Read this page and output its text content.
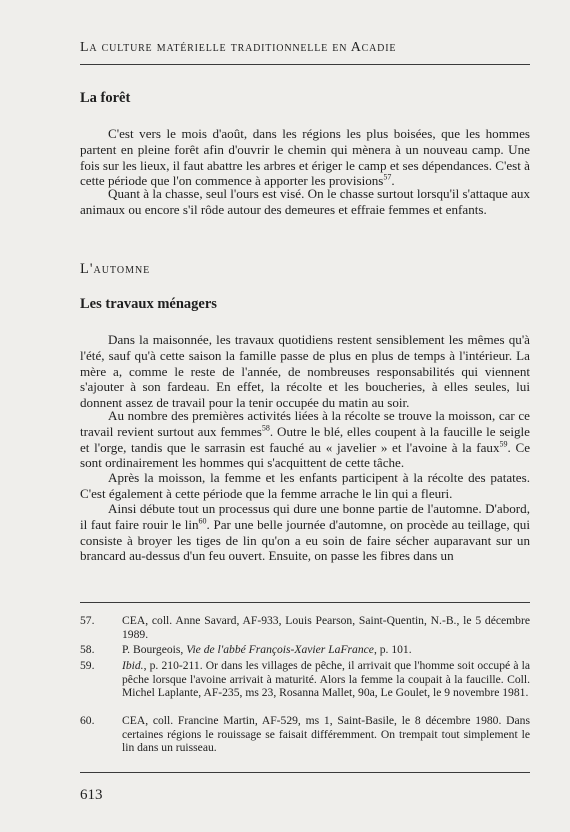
La culture matérielle traditionnelle en Acadie
La forêt

C'est vers le mois d'août, dans les régions les plus boisées, que les hommes partent en pleine forêt afin d'ouvrir le chemin qui mènera à un nouveau camp. Une fois sur les lieux, il faut abattre les arbres et ériger le camp et ses dépendances. C'est à cette période que l'on commence à apporter les provisions$^{57}$.

Quant à la chasse, seul l'ours est visé. On le chasse surtout lorsqu'il s'attaque aux animaux ou encore s'il rôde autour des demeures et effraie femmes et enfants.

L'automne
Les travaux ménagers

Dans la maisonnée, les travaux quotidiens restent sensiblement les mêmes qu'à l'été, sauf qu'à cette saison la famille passe de plus en plus de temps à l'intérieur. La mère a, comme le reste de l'année, de nombreuses responsabilités qui viennent s'ajouter à son fardeau. En effet, la récolte et les boucheries, à elles seules, lui donnent assez de travail pour la tenir occupée du matin au soir.

Au nombre des premières activités liées à la récolte se trouve la moisson, car ce travail revient surtout aux femmes$^{58}$. Outre le blé, elles coupent à la faucille le seigle et l'orge, tandis que le sarrasin est fauché au « javelier » et l'avoine à la faux$^{59}$. Ce sont ordinairement les hommes qui s'acquittent de cette tâche.

Après la moisson, la femme et les enfants participent à la récolte des patates. C'est également à cette période que la femme arrache le lin qui a fleuri.

Ainsi débute tout un processus qui dure une bonne partie de l'automne. D'abord, il faut faire rouir le lin$^{60}$. Par une belle journée d'automne, on procède au teillage, qui consiste à broyer les tiges de lin qu'on a eu soin de faire sécher auparavant sur un brancard au-dessus d'un feu ouvert. Ensuite, on passe les fibres dans un

57.	CEA, coll. Anne Savard, AF-933, Louis Pearson, Saint-Quentin, N.-B., le 5 décembre 1989.
58.	P. Bourgeois, Vie de l'abbé François-Xavier LaFrance, p. 101.
59.	Ibid., p. 210-211. Or dans les villages de pêche, il arrivait que l'homme soit occupé à la pêche lorsque l'avoine arrivait à maturité. Alors la femme la coupait à la faucille. Coll. Michel Laplante, AF-235, ms 23, Rosanna Mallet, 90a, Le Goulet, le 9 novembre 1981.
60.	CEA, coll. Francine Martin, AF-529, ms 1, Saint-Basile, le 8 décembre 1980. Dans certaines régions le rouissage se faisait différemment. On trempait tout simplement le lin dans un ruisseau.
613
